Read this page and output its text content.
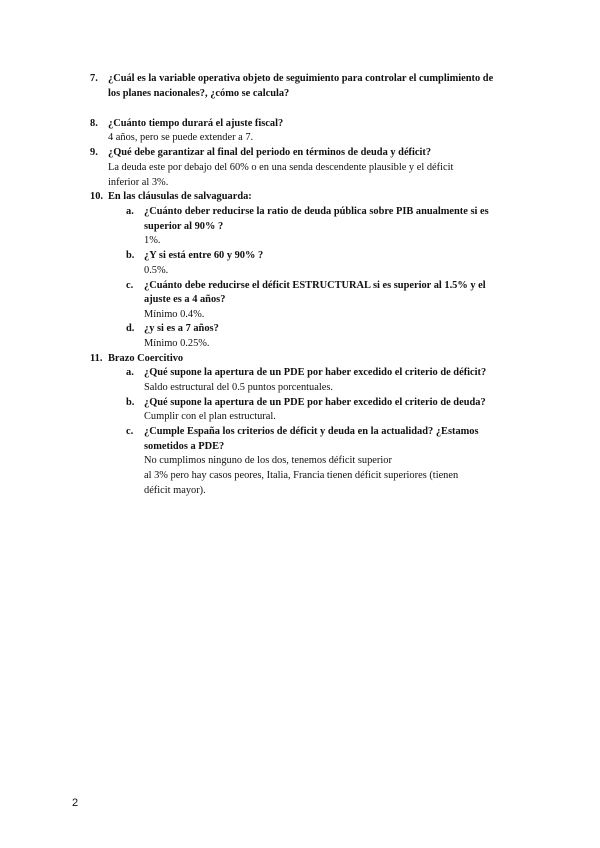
7. ¿Cuál es la variable operativa objeto de seguimiento para controlar el cumplimiento de
los planes nacionales?, ¿cómo se calcula?
8. ¿Cuánto tiempo durará el ajuste fiscal?
4 años, pero se puede extender a 7.
9. ¿Qué debe garantizar al final del periodo en términos de deuda y déficit?
La deuda este por debajo del 60% o en una senda descendente plausible y el déficit
inferior al 3%.
10. En las cláusulas de salvaguarda:
a. ¿Cuánto deber reducirse la ratio de deuda pública sobre PIB anualmente si es
superior al 90% ?
1%.
b. ¿Y si está entre 60 y 90% ?
0.5%.
c. ¿Cuánto debe reducirse el déficit ESTRUCTURAL si es superior al 1.5% y el
ajuste es a 4 años?
Mínimo 0.4%.
d. ¿y si es a 7 años?
Mínimo 0.25%.
11. Brazo Coercitivo
a. ¿Qué supone la apertura de un PDE por haber excedido el criterio de déficit?
Saldo estructural del 0.5 puntos porcentuales.
b. ¿Qué supone la apertura de un PDE por haber excedido el criterio de deuda?
Cumplir con el plan estructural.
c. ¿Cumple España los criterios de déficit y deuda en la actualidad? ¿Estamos
sometidos a PDE?
No cumplimos ninguno de los dos, tenemos déficit superior
al 3% pero hay casos peores, Italia, Francia tienen déficit superiores (tienen
déficit mayor).
2
